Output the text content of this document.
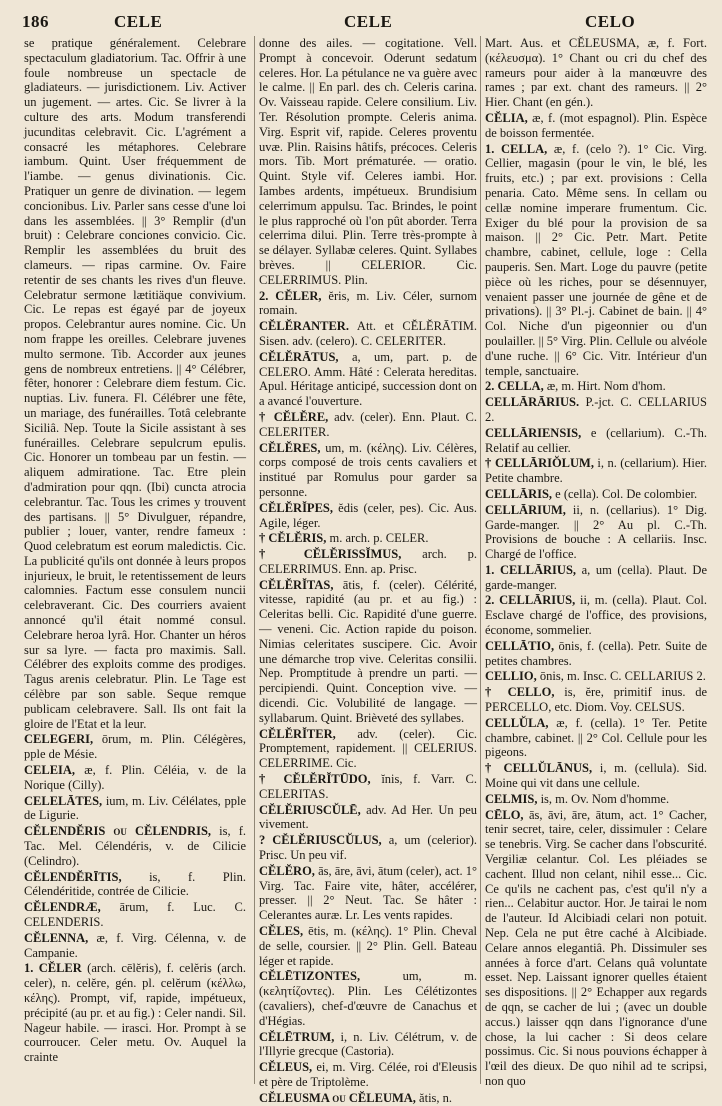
186	CELE	CELE	CELO

se pratique généralement. Celebrare spectaculum gladiatorium. Tac. Offrir à une foule nombreuse un spectacle de gladiateurs. — jurisdictionem. Liv. Activer un jugement. — artes. Cic. Se livrer à la culture des arts. Modum transferendi jucunditas celebravit. Cic. L'agrément a consacré les métaphores. Celebrare iambum. Quint. User fréquemment de l'iambe. — genus divinationis. Cic. Pratiquer un genre de divination. — legem concionibus. Liv. Parler sans cesse d'une loi dans les assemblées. || 3° Remplir (d'un bruit) : Celebrare conciones convicio. Cic. Remplir les assemblées du bruit des clameurs. — ripas carmine. Ov. Faire retentir de ses chants les rives d'un fleuve. Celebratur sermone lætitiäque convivium. Cic. Le repas est égayé par de joyeux propos. Celebrantur aures nomine. Cic. Un nom frappe les oreilles. Celebrare juvenes multo sermone. Tib. Accorder aux jeunes gens de nombreux entretiens. || 4° Célébrer, fêter, honorer : Celebrare diem festum. Cic. nuptias. Liv. funera. Fl. Célébrer une fête, un mariage, des funérailles. Totâ celebrante Siciliâ. Nep. Toute la Sicile assistant à ses funérailles. Celebrare sepulcrum epulis. Cic. Honorer un tombeau par un festin. — aliquem admiratione. Tac. Etre plein d'admiration pour qqn. (Ibi) cuncta atrocia celebrantur. Tac. Tous les crimes y trouvent des partisans. || 5° Divulguer, répandre, publier ; louer, vanter, rendre fameux : Quod celebratum est eorum maledictis. Cic. La publicité qu'ils ont donnée à leurs propos injurieux, le bruit, le retentissement de leurs calomnies. Factum esse consulem nuncii celebraverant. Cic. Des courriers avaient annoncé qu'il était nommé consul. Celebrare heroa lyrâ. Hor. Chanter un héros sur sa lyre. — facta pro maximis. Sall. Célébrer des exploits comme des prodiges. Tagus arenis celebratur. Plin. Le Tage est célèbre par son sable. Seque remque publicam celebravere. Sall. Ils ont fait la gloire de l'Etat et la leur.

CELEGERI, ōrum, m. Plin. Célégères, pple de Mésie.

CELEIA, æ, f. Plin. Céléia, v. de la Norique (Cilly).

CELELĀTES, ium, m. Liv. Célélates, pple de Ligurie.

CĔLENDĔRIS ou CĔLENDRIS, is, f. Tac. Mel. Célendéris, v. de Cilicie (Celindro).

CĔLENDĔRĪTIS, is, f. Plin. Célendéritide, contrée de Cilicie.

CĔLENDRÆ, ārum, f. Luc. C. CELENDERIS.

CĔLENNA, æ, f. Virg. Célenna, v. de Campanie.

1. CĔLER (arch. cēlĕris), f. celĕris (arch. celer), n. celĕre, gén. pl. celĕrum (κέλλω, κέλης). Prompt, vif, rapide, impétueux, précipité (au pr. et au fig.) : Celer nandi. Sil. Nageur habile. — irasci. Hor. Prompt à se courroucer. Celer metu. Ov. Auquel la crainte

donne des ailes. — cogitatione. Vell. Prompt à concevoir. Oderunt sedatum celeres. Hor. La pétulance ne va guère avec le calme. || En parl. des ch. Celeris carina. Ov. Vaisseau rapide. Celere consilium. Liv. Ter. Résolution prompte. Celeris anima. Virg. Esprit vif, rapide. Celeres proventu uvæ. Plin. Raisins hâtifs, précoces. Celeris mors. Tib. Mort prématurée. — oratio. Quint. Style vif. Celeres iambi. Hor. Iambes ardents, impétueux. Brundisium celerrimum appulsu. Tac. Brindes, le point le plus rapproché où l'on pût aborder. Terra celerrima dilui. Plin. Terre très-prompte à se délayer. Syllabæ celeres. Quint. Syllabes brèves. || CELERIOR. Cic. CELERRIMUS. Plin.

2. CĔLER, ĕris, m. Liv. Céler, surnom romain.

CĔLĔRANTER. Att. et CĔLĔRĀTIM. Sisen. adv. (celero). C. CELERITER.

CĔLĔRĀTUS, a, um, part. p. de CELERO. Amm. Hâté : Celerata hereditas. Apul. Héritage anticipé, succession dont on a avancé l'ouverture.

† CĔLĔRE, adv. (celer). Enn. Plaut. C. CELERITER.

CĔLĔRES, um, m. (κέλης). Liv. Célères, corps composé de trois cents cavaliers et institué par Romulus pour garder sa personne.

CĔLĔRĬPES, ĕdis (celer, pes). Cic. Aus. Agile, léger.

† CĔLĔRIS, m. arch. p. CELER.

† CĔLĔRISSĬMUS, arch. p. CELERRIMUS. Enn. ap. Prisc.

CĔLĔRĬTAS, ātis, f. (celer). Célérité, vitesse, rapidité (au pr. et au fig.) : Celeritas belli. Cic. Rapidité d'une guerre. — veneni. Cic. Action rapide du poison. Nimias celeritates suscipere. Cic. Avoir une démarche trop vive. Celeritas consilii. Nep. Promptitude à prendre un parti. — percipiendi. Quint. Conception vive. — dicendi. Cic. Volubilité de langage. — syllabarum. Quint. Brièveté des syllabes.

CĔLĔRĬTER, adv. (celer). Cic. Promptement, rapidement. || CELERIUS. CELERRIME. Cic.

† CĔLĔRĬTŪDO, ĭnis, f. Varr. C. CELERITAS.

CĔLĔRIUSCŬLĒ, adv. Ad Her. Un peu vivement.

? CĔLĔRIUSCŬLUS, a, um (celerior). Prisc. Un peu vif.

CĔLĔRO, ās, āre, āvi, ātum (celer), act. 1° Virg. Tac. Faire vite, hâter, accélérer, presser. || 2° Neut. Tac. Se hâter : Celerantes auræ. Lr. Les vents rapides.

CĔLES, ētis, m. (κέλης). 1° Plin. Cheval de selle, coursier. || 2° Plin. Gell. Bateau léger et rapide.

CĔLĒTIZONTES,	um, m. (κελητίζοντες). Plin. Les Célétizontes (cavaliers), chef-d'œuvre de Canachus et d'Hégias.

CĔLĒTRUM, i, n. Liv. Célétrum, v. de l'Illyrie grecque (Castoria).

CĔLEUS, ei, m. Virg. Célée, roi d'Eleusis et père de Triptolème.

CĔLEUSMA ou CĔLEUMA, ătis, n.

Mart. Aus. et CĔLEUSMA, æ, f. Fort. (κέλευσμα). 1° Chant ou cri du chef des rameurs pour aider à la manœuvre des rames ; par ext. chant des rameurs. || 2° Hier. Chant (en gén.).

CĔLIA, æ, f. (mot espagnol). Plin. Espèce de boisson fermentée.

1. CELLA, æ, f. (celo ?). 1° Cic. Virg. Cellier, magasin (pour le vin, le blé, les fruits, etc.) ; par ext. provisions : Cella penaria. Cato. Même sens. In cellam ou cellæ nomine imperare frumentum. Cic. Exiger du blé pour la provision de sa maison. || 2° Cic. Petr. Mart. Petite chambre, cabinet, cellule, loge : Cella pauperis. Sen. Mart. Loge du pauvre (petite pièce où les riches, pour se désennuyer, venaient passer une journée de gêne et de privations). || 3° Pl.-j. Cabinet de bain. || 4° Col. Niche d'un pigeonnier ou d'un poulailler. || 5° Virg. Plin. Cellule ou alvéole d'une ruche. || 6° Cic. Vitr. Intérieur d'un temple, sanctuaire.

2. CELLA, æ, m. Hirt. Nom d'hom.

CELLĀRĀRIUS. P.-jct. C. CELLARIUS 2.

CELLĀRIENSIS, e (cellarium). C.-Th. Relatif au cellier.

† CELLĀRIŎLUM, i, n. (cellarium). Hier. Petite chambre.

CELLĀRIS, e (cella). Col. De colombier.

CELLĀRIUM, ii, n. (cellarius). 1° Dig. Garde-manger. || 2° Au pl. C.-Th. Provisions de bouche : A cellariis. Insc. Chargé de l'office.

1. CELLĀRIUS, a, um (cella). Plaut. De garde-manger.

2. CELLĀRIUS, ii, m. (cella). Plaut. Col. Esclave chargé de l'office, des provisions, économe, sommelier.

CELLĀTIO, ōnis, f. (cella). Petr. Suite de petites chambres.

CELLIO, ōnis, m. Insc. C. CELLARIUS 2.

† CELLO, is, ĕre, primitif inus. de PERCELLO, etc. Diom. Voy. CELSUS.

CELLŬLA, æ, f. (cella). 1° Ter. Petite chambre, cabinet. || 2° Col. Cellule pour les pigeons.

† CELLŬLĀNUS, i, m. (cellula). Sid. Moine qui vit dans une cellule.

CELMIS, is, m. Ov. Nom d'homme.

CĒLO, ās, āvi, āre, ātum, act. 1° Cacher, tenir secret, taire, celer, dissimuler : Celare se tenebris. Virg. Se cacher dans l'obscurité. Vergiliæ celantur. Col. Les pléiades se cachent. Illud non celant, nihil esse... Cic. Ce qu'ils ne cachent pas, c'est qu'il n'y a rien... Celabitur auctor. Hor. Je tairai le nom de l'auteur. Id Alcibiadi celari non potuit. Nep. Cela ne put être caché à Alcibiade. Celare annos elegantiâ. Ph. Dissimuler ses années à force d'art. Celans quâ voluntate esset. Nep. Laissant ignorer quelles étaient ses dispositions. || 2° Echapper aux regards de qqn, se cacher de lui ; (avec un double accus.) laisser qqn dans l'ignorance d'une chose, la lui cacher : Si deos celare possimus. Cic. Si nous pouvions échapper à l'œil des dieux. De quo nihil ad te scripsi, non quo
